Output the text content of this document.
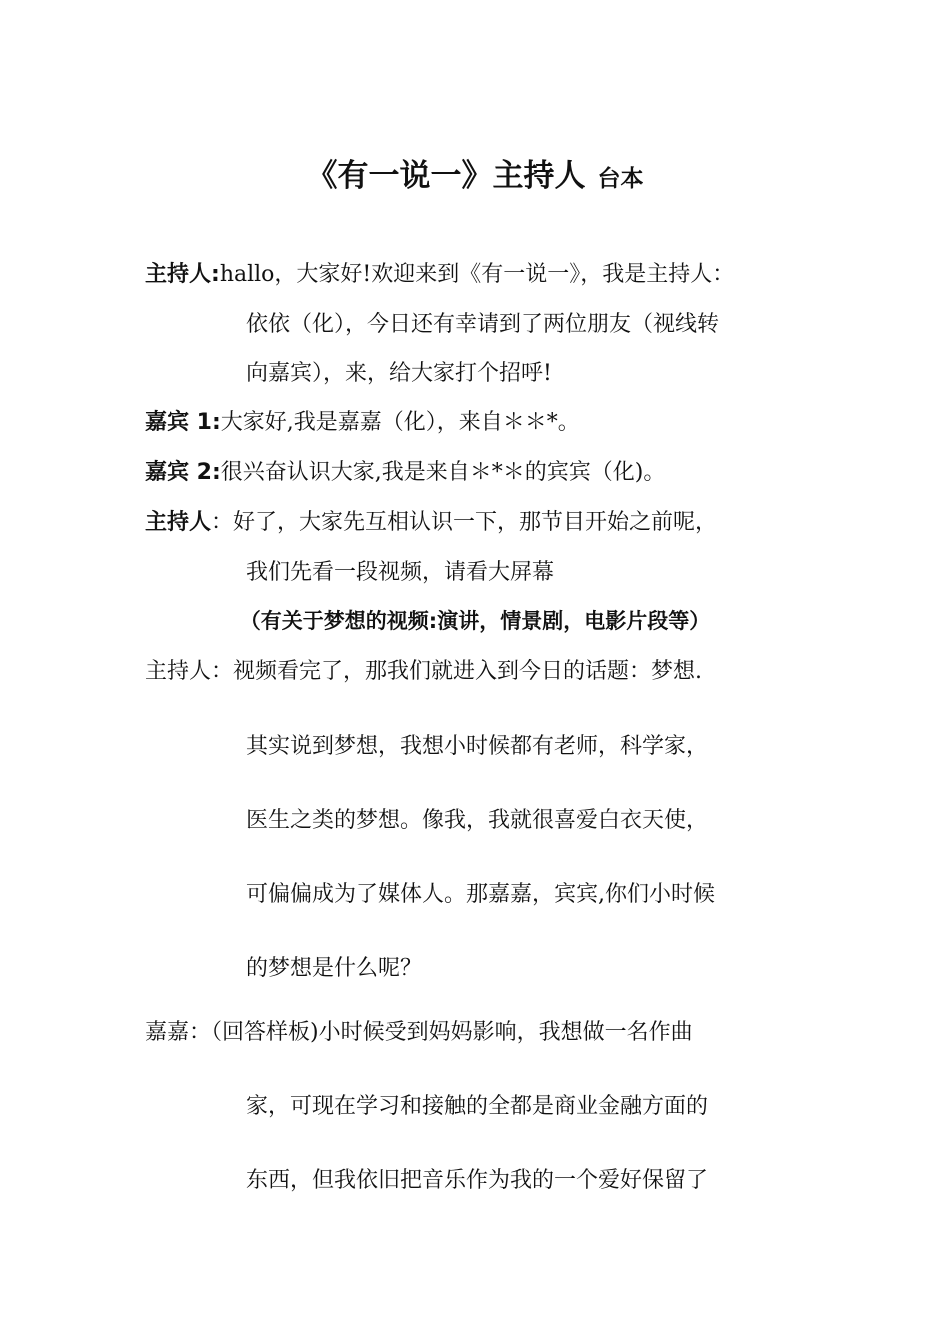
《有一说一》主持人 台本
主持人:hallo，大家好!欢迎来到《有一说一》，我是主持人：
依依（化），今日还有幸请到了两位朋友（视线转
向嘉宾），来，给大家打个招呼!
嘉宾 1:大家好,我是嘉嘉（化），来自＊＊*。
嘉宾 2:很兴奋认识大家,我是来自＊*＊的宾宾（化)。
主持人：好了，大家先互相认识一下，那节目开始之前呢，
我们先看一段视频，请看大屏幕
（有关于梦想的视频:演讲，情景剧，电影片段等）
主持人：视频看完了，那我们就进入到今日的话题：梦想.
其实说到梦想，我想小时候都有老师，科学家，
医生之类的梦想。像我，我就很喜爱白衣天使，
可偏偏成为了媒体人。那嘉嘉，宾宾,你们小时候
的梦想是什么呢？
嘉嘉：（回答样板)小时候受到妈妈影响，我想做一名作曲
家，可现在学习和接触的全都是商业金融方面的
东西，但我依旧把音乐作为我的一个爱好保留了
